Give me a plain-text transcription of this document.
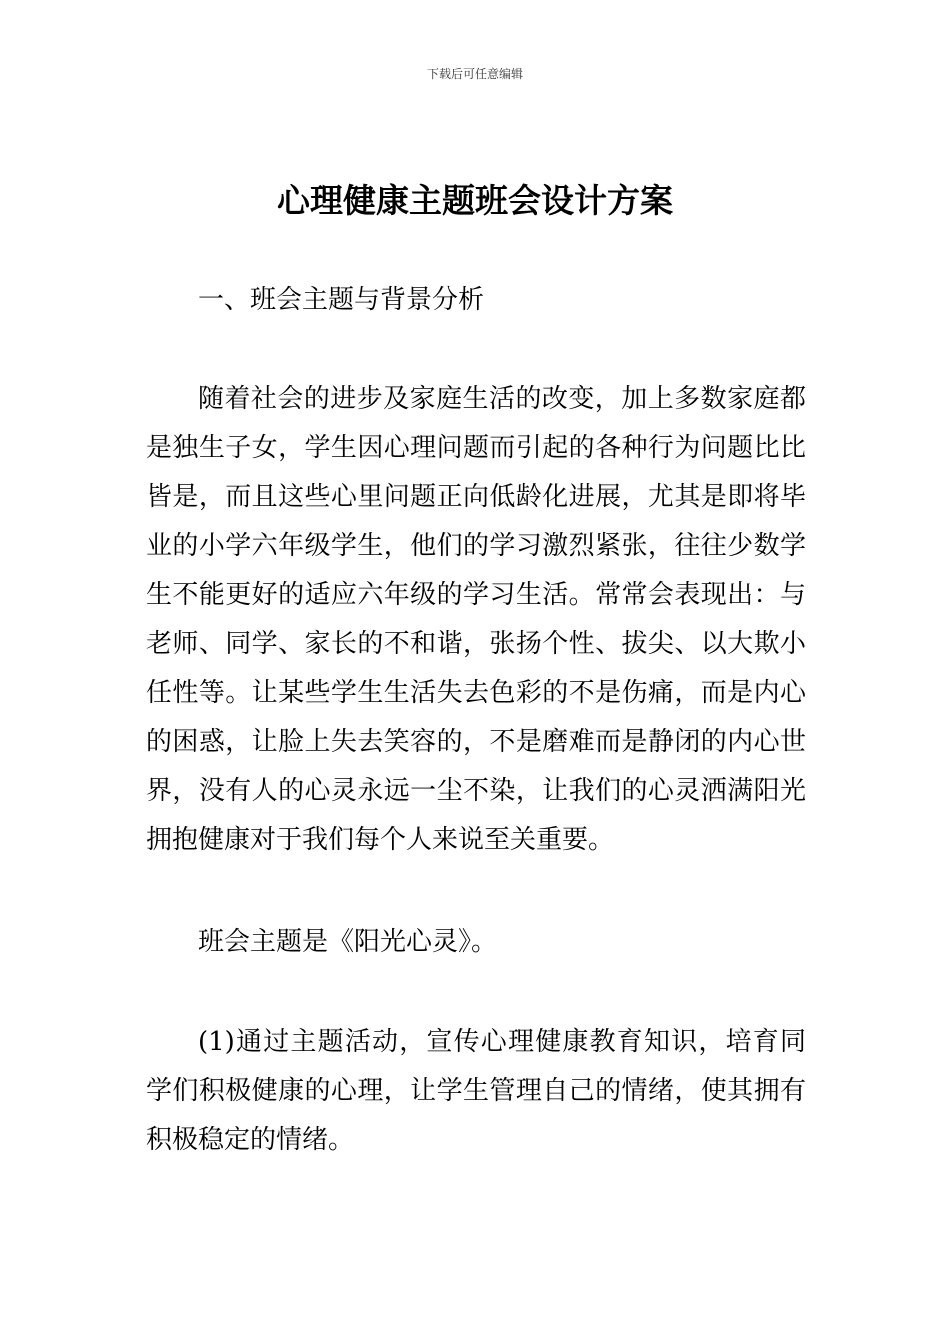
下载后可任意编辑
心理健康主题班会设计方案

一、班会主题与背景分析

随着社会的进步及家庭生活的改变，加上多数家庭都是独生子女，学生因心理问题而引起的各种行为问题比比皆是，而且这些心里问题正向低龄化进展，尤其是即将毕业的小学六年级学生，他们的学习激烈紧张，往往少数学生不能更好的适应六年级的学习生活。常常会表现出：与老师、同学、家长的不和谐，张扬个性、拔尖、以大欺小任性等。让某些学生生活失去色彩的不是伤痛，而是内心的困惑，让脸上失去笑容的，不是磨难而是静闭的内心世界，没有人的心灵永远一尘不染，让我们的心灵洒满阳光拥抱健康对于我们每个人来说至关重要。

班会主题是《阳光心灵》。

(1)通过主题活动，宣传心理健康教育知识，培育同学们积极健康的心理，让学生管理自己的情绪，使其拥有积极稳定的情绪。
